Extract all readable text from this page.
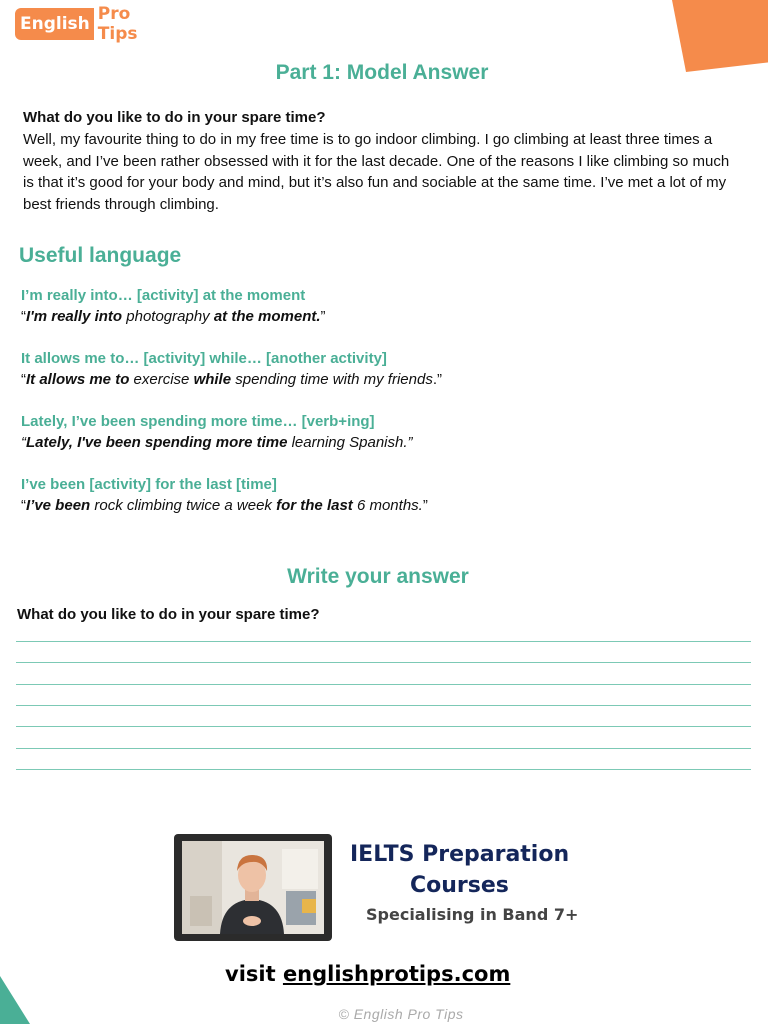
English Pro Tips
Part 1: Model Answer
What do you like to do in your spare time?
Well, my favourite thing to do in my free time is to go indoor climbing. I go climbing at least three times a week, and I’ve been rather obsessed with it for the last decade. One of the reasons I like climbing so much is that it’s good for your body and mind, but it’s also fun and sociable at the same time. I’ve met a lot of my best friends through climbing.
Useful language
I’m really into… [activity] at the moment
“I'm really into photography at the moment.”
It allows me to… [activity] while… [another activity]
“It allows me to exercise while spending time with my friends.”
Lately, I’ve been spending more time… [verb+ing]
“Lately, I've been spending more time learning Spanish.”
I’ve been [activity] for the last [time]
“I’ve been rock climbing twice a week for the last 6 months.”
Write your answer
What do you like to do in your spare time?
IELTS Preparation
Courses
Specialising in Band 7+
visit englishprotips.com
© English Pro Tips
